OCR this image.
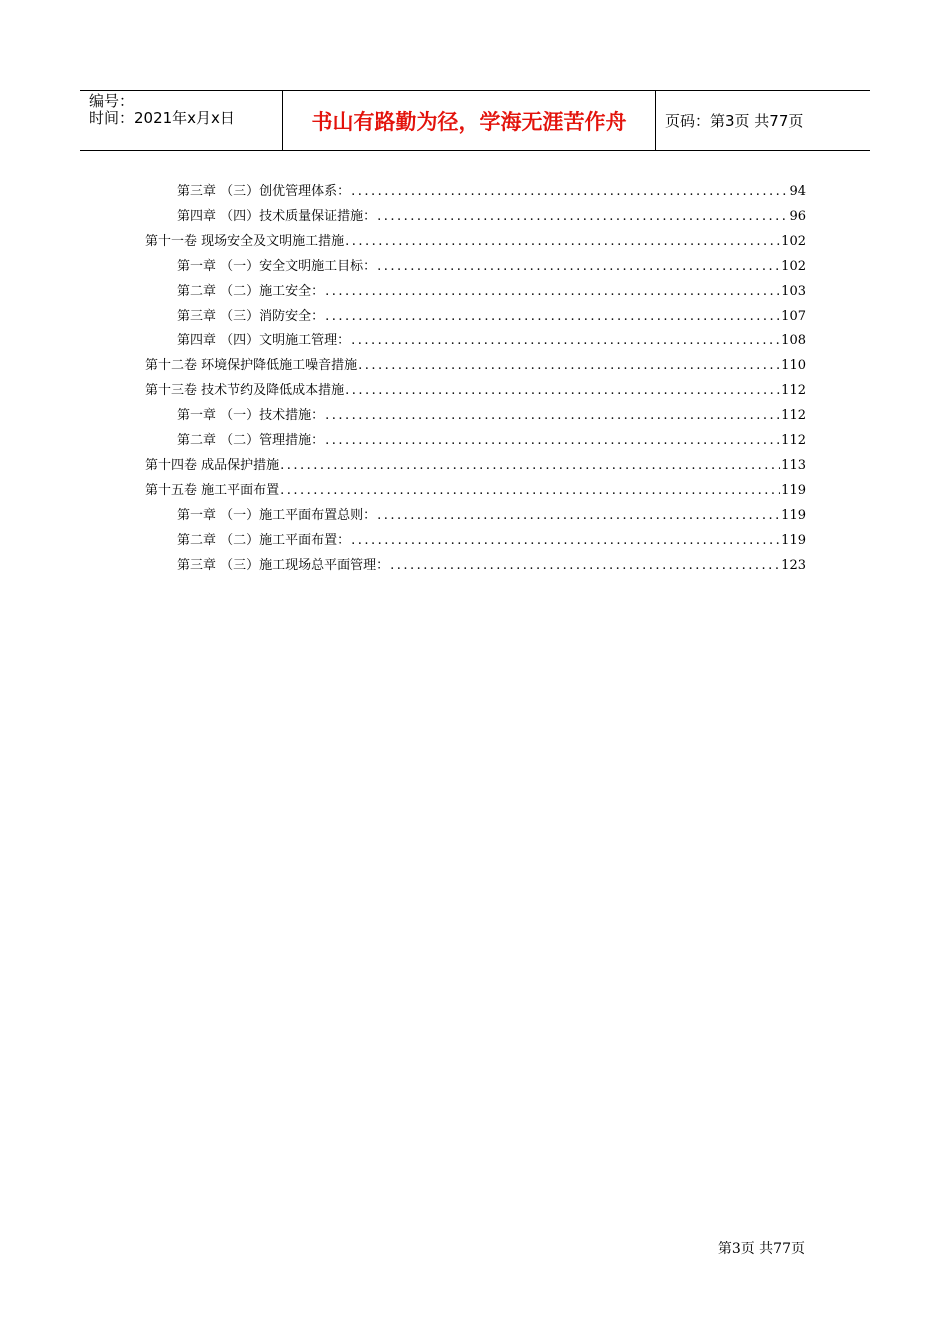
编号：
时间：2021年x月x日	书山有路勤为径，学海无涯苦作舟	页码：第3页 共77页
第三章 （三）创优管理体系： .....	94
第四章 （四）技术质量保证措施： .....	96
第十一卷 现场安全及文明施工措施 .....	102
第一章 （一）安全文明施工目标： .....	102
第二章 （二）施工安全： .....	103
第三章 （三）消防安全： .....	107
第四章 （四）文明施工管理： .....	108
第十二卷 环境保护降低施工噪音措施 .....	110
第十三卷 技术节约及降低成本措施 .....	112
第一章 （一）技术措施： .....	112
第二章 （二）管理措施： .....	112
第十四卷 成品保护措施 .....	113
第十五卷 施工平面布置 .....	119
第一章 （一）施工平面布置总则： .....	119
第二章 （二）施工平面布置： .....	119
第三章 （三）施工现场总平面管理： .....	123
第3页 共77页
